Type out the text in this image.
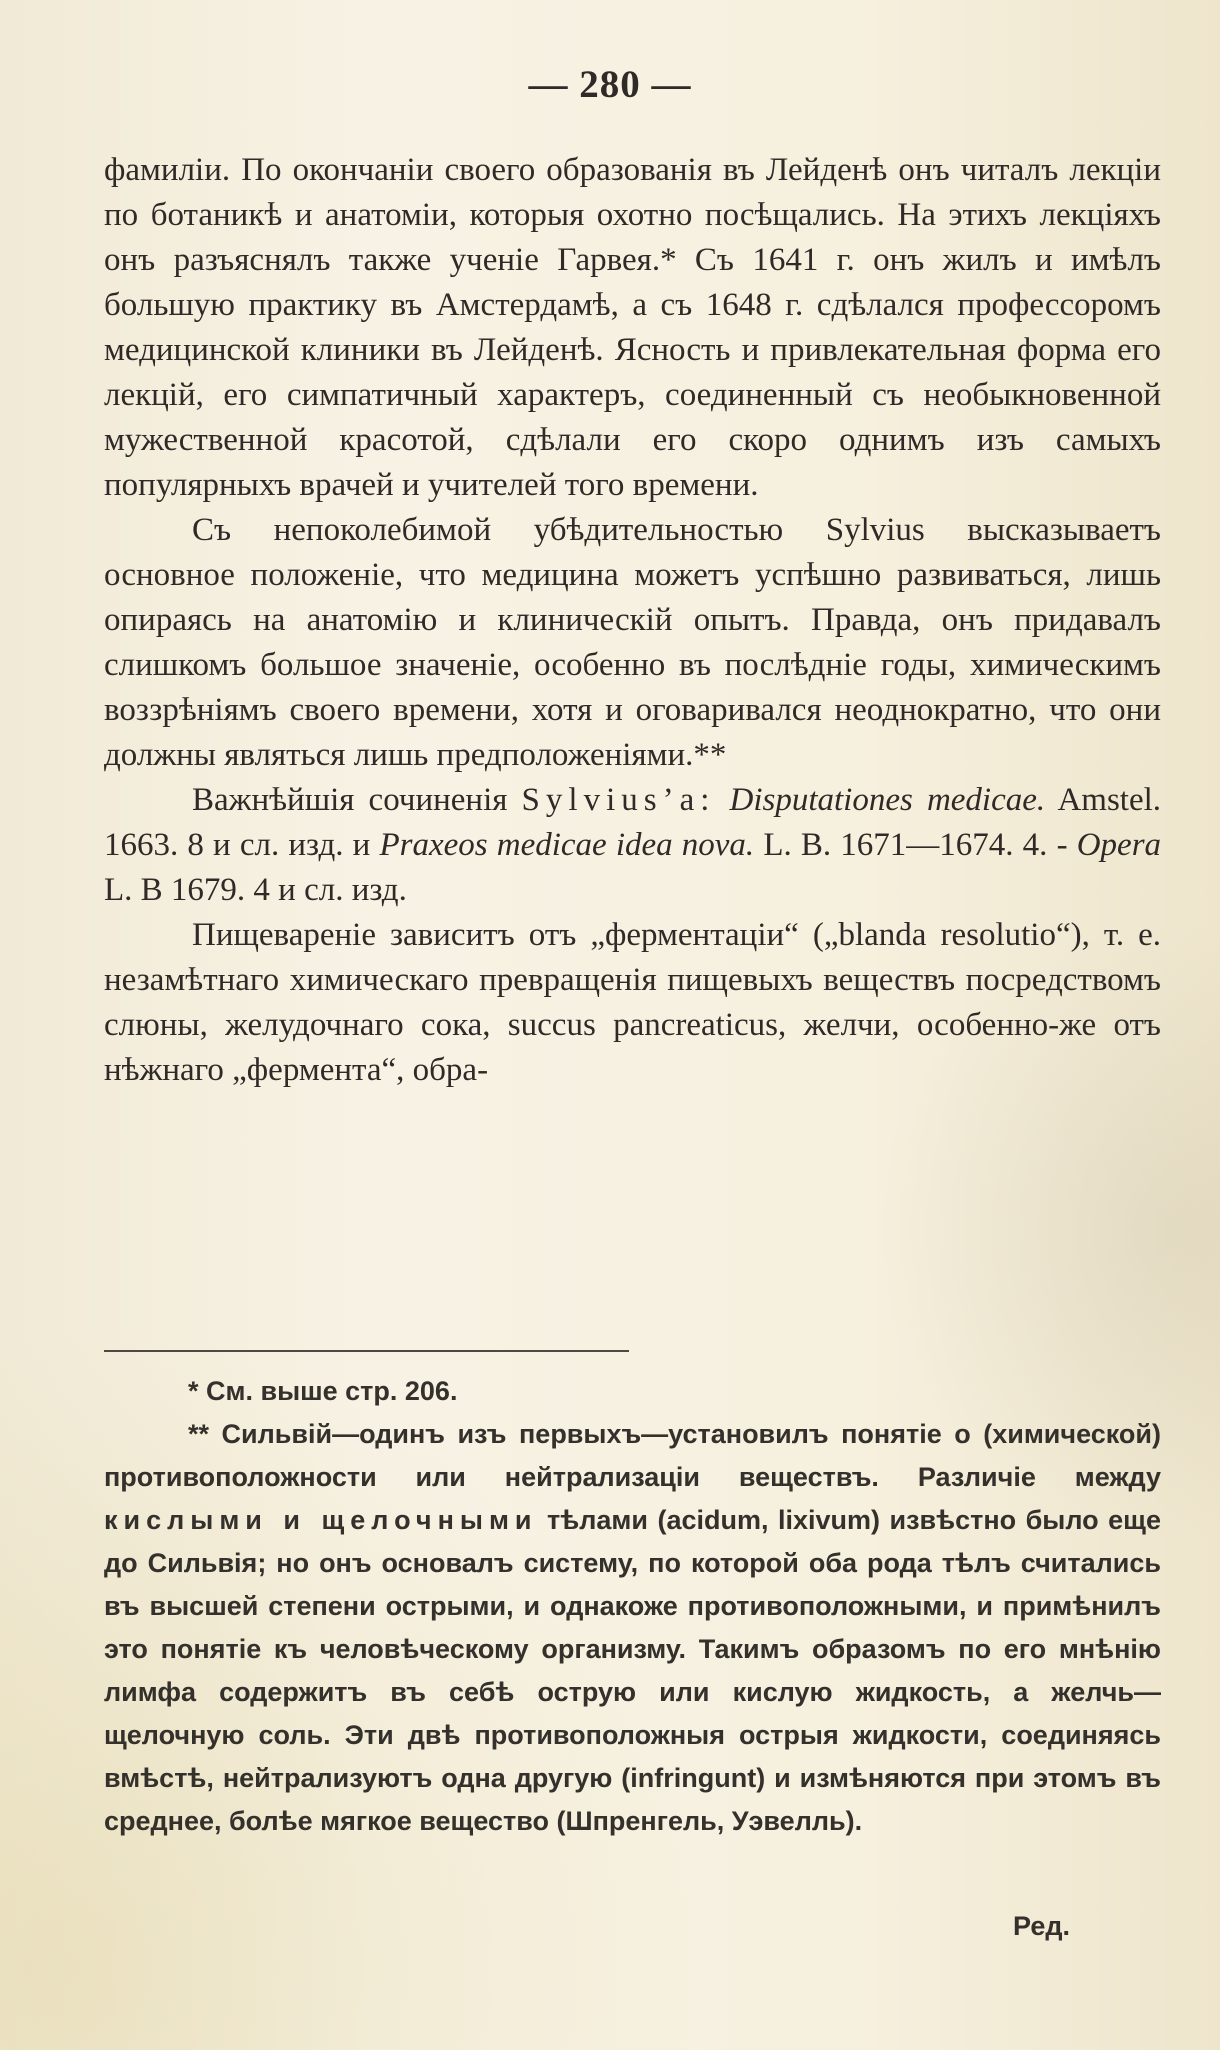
— 280 —

фамилiи. По окончанiи своего образованiя въ Лейденѣ онъ читалъ лекцiи по ботаникѣ и анатомiи, которыя охотно посѣщались. На этихъ лекцiяхъ онъ разъяснялъ также ученiе Гарвея.* Съ 1641 г. онъ жилъ и имѣлъ большую практику въ Амстердамѣ, а съ 1648 г. сдѣлался профессоромъ медицинской клиники въ Лейденѣ. Ясность и привлекательная форма его лекцiй, его симпатичный характеръ, соединенный съ необыкновенной мужественной красотой, сдѣлали его скоро однимъ изъ самыхъ популярныхъ врачей и учителей того времени.

Съ непоколебимой убѣдительностью Sylvius высказываетъ основное положенiе, что медицина можетъ успѣшно развиваться, лишь опираясь на анатомiю и клиническiй опытъ. Правда, онъ придавалъ слишкомъ большое значенiе, особенно въ послѣднiе годы, химическимъ воззрѣнiямъ своего времени, хотя и оговаривался неоднократно, что они должны являться лишь предположенiями.**

Важнѣйшiя сочиненiя Sylvius’a: Disputationes medicae. Amstel. 1663. 8 и сл. изд. и Praxeos medicae idea nova. L. B. 1671—1674. 4. - Opera L. B 1679. 4 и сл. изд.

Пищеваренiе зависитъ отъ „ферментацiи“ („blanda resolutio“), т. е. незамѣтнаго химическаго превращенiя пищевыхъ веществъ посредствомъ слюны, желудочнаго сока, succus pancreaticus, желчи, особенно-же отъ нѣжнаго „фермента“, обра-

* См. выше стр. 206.

** Сильвiй—одинъ изъ первыхъ—установилъ понятiе о (химической) противоположности или нейтрализацiи веществъ. Различiе между кислыми и щелочными тѣлами (acidum, lixivum) извѣстно было еще до Сильвiя; но онъ основалъ систему, по которой оба рода тѣлъ считались въ высшей степени острыми, и однакоже противоположными, и примѣнилъ это понятiе къ человѣческому организму. Такимъ образомъ по его мнѣнiю лимфа содержитъ въ себѣ острую или кислую жидкость, а желчь—щелочную соль. Эти двѣ противоположныя острыя жидкости, соединяясь вмѣстѣ, нейтрализуютъ одна другую (infringunt) и измѣняются при этомъ въ среднее, болѣе мягкое вещество (Шпренгель, Уэвелль).

Ред.
